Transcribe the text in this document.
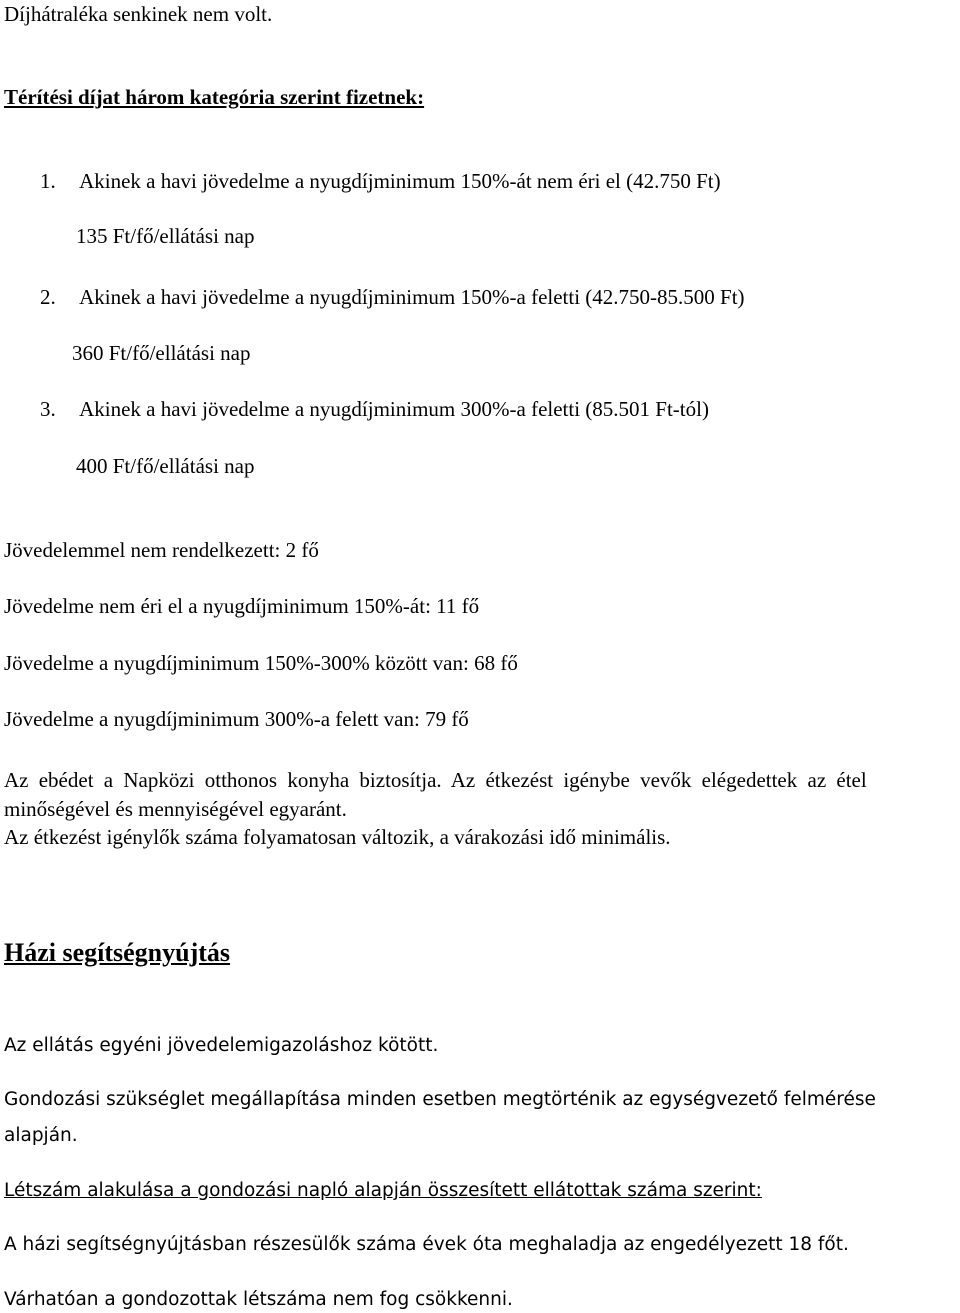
Díjhátraléka senkinek nem volt.
Térítési díjat három kategória szerint fizetnek:
1. Akinek a havi jövedelme a nyugdíjminimum 150%-át nem éri el (42.750 Ft)
135 Ft/fő/ellátási nap
2. Akinek a havi jövedelme a nyugdíjminimum 150%-a feletti (42.750-85.500 Ft)
360 Ft/fő/ellátási nap
3. Akinek a havi jövedelme a nyugdíjminimum 300%-a feletti (85.501 Ft-tól)
400 Ft/fő/ellátási nap
Jövedelemmel nem rendelkezett: 2 fő
Jövedelme nem éri el a nyugdíjminimum 150%-át: 11 fő
Jövedelme a nyugdíjminimum 150%-300% között van: 68 fő
Jövedelme a nyugdíjminimum 300%-a felett van: 79 fő
Az ebédet a Napközi otthonos konyha biztosítja. Az étkezést igénybe vevők elégedettek az étel
minőségével és mennyiségével egyaránt.
Az étkezést igénylők száma folyamatosan változik, a várakozási idő minimális.
Házi segítségnyújtás
Az ellátás egyéni jövedelemigazoláshoz kötött.
Gondozási szükséglet megállapítása minden esetben megtörténik az egységvezető felmérése
alapján.
Létszám alakulása a gondozási napló alapján összesített ellátottak száma szerint:
A házi segítségnyújtásban részesülők száma évek óta meghaladja az engedélyezett 18 főt.
Várhatóan a gondozottak létszáma nem fog csökkenni.
